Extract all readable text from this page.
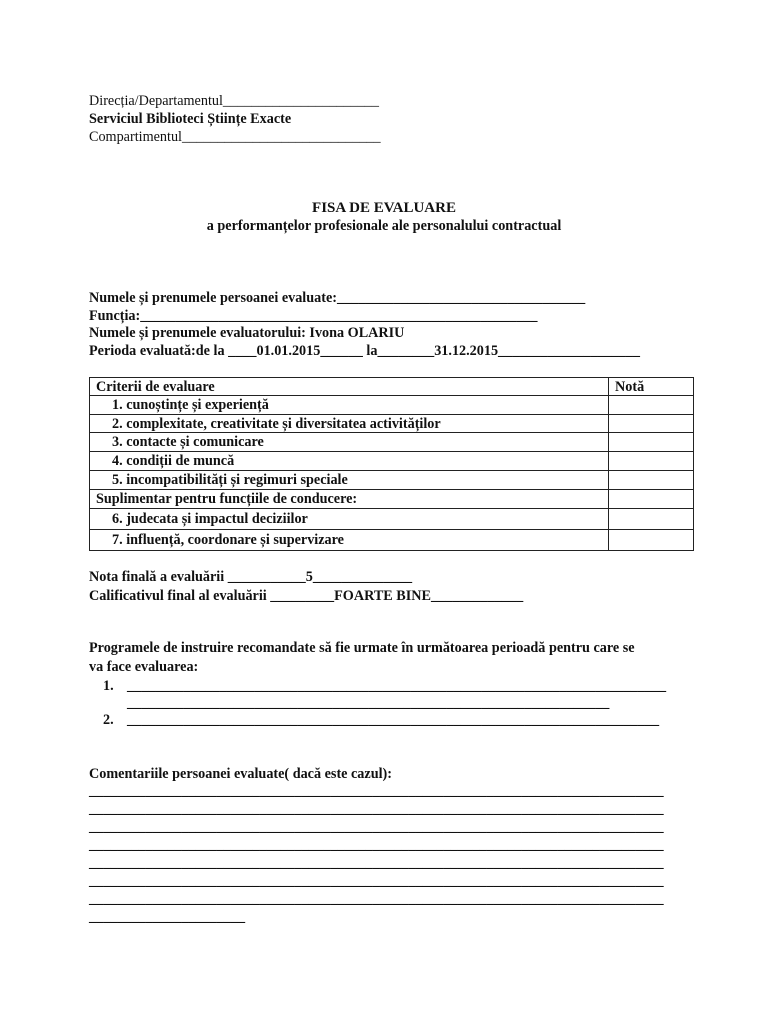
Direcția/Departamentul______________________
Serviciul Biblioteci Științe Exacte
Compartimentul____________________________
FISA DE EVALUARE
a performanțelor profesionale ale personalului contractual
Numele și prenumele persoanei evaluate:___________________________________
Funcția:________________________________________________________
Numele și prenumele evaluatorului: Ivona OLARIU
Perioda evaluată:de la ____01.01.2015______ la________31.12.2015____________________
Criterii de evaluare	Notă
1. cunoștințe și experiență	
2. complexitate, creativitate și diversitatea activităților	
3. contacte și comunicare	
4. condiții de muncă	
5. incompatibilități și regimuri speciale	
Suplimentar pentru funcțiile de conducere:	
6. judecata și impactul deciziilor	
7. influență, coordonare și supervizare	
Nota finală a evaluării ___________5______________
Calificativul final al evaluării _________FOARTE BINE_____________
Programele de instruire recomandate să fie urmate în următoarea perioadă pentru care se
va face evaluarea:
1. ____________________________________________________________________________
____________________________________________________________________
2. ___________________________________________________________________________
Comentariile persoanei evaluate( dacă este cazul):
_________________________________________________________________________________
_________________________________________________________________________________
_________________________________________________________________________________
_________________________________________________________________________________
_________________________________________________________________________________
_________________________________________________________________________________
_________________________________________________________________________________
______________________
